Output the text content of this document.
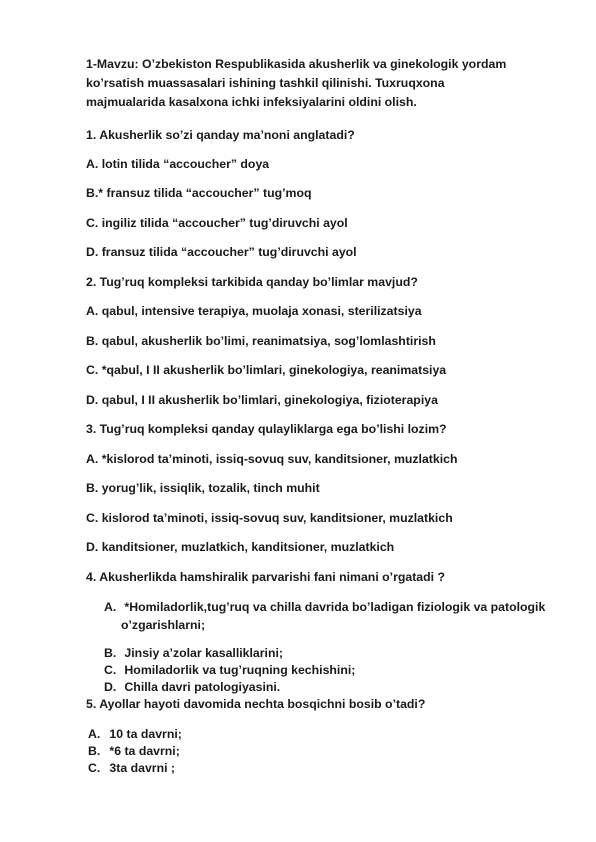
1-Mavzu: O’zbekiston Respublikasida akusherlik va ginekologik yordam ko’rsatish muassasalari ishining tashkil qilinishi. Tuxruqxona majmualarida kasalxona ichki infeksiyalarini oldini olish.
1. Akusherlik so’zi qanday ma’noni anglatadi?
A. lotin tilida “accoucher” doya
B.* fransuz tilida “accoucher” tug’moq
C. ingiliz tilida “accoucher” tug’diruvchi ayol
D. fransuz tilida “accoucher” tug’diruvchi ayol
2. Tug’ruq kompleksi tarkibida qanday bo’limlar mavjud?
A. qabul, intensive terapiya, muolaja xonasi, sterilizatsiya
B. qabul, akusherlik bo’limi, reanimatsiya, sog’lomlashtirish
C. *qabul, I II akusherlik bo’limlari, ginekologiya, reanimatsiya
D. qabul, I II akusherlik bo’limlari, ginekologiya, fizioterapiya
3. Tug’ruq kompleksi qanday qulayliklarga ega bo’lishi lozim?
A. *kislorod ta’minoti, issiq-sovuq suv, kanditsioner, muzlatkich
B. yorug’lik, issiqlik, tozalik, tinch muhit
C. kislorod ta’minoti, issiq-sovuq suv, kanditsioner, muzlatkich
D. kanditsioner, muzlatkich, kanditsioner, muzlatkich
4. Akusherlikda hamshiralik parvarishi fani nimani o’rgatadi ?
A. *Homiladorlik,tug’ruq va chilla davrida bo’ladigan fiziologik va patologik
o’zgarishlarni;
B. Jinsiy a’zolar kasalliklarini;
C. Homiladorlik va tug’ruqning kechishini;
D. Chilla davri patologiyasini.
5. Ayollar hayoti davomida nechta bosqichni bosib o’tadi?
A. 10 ta davrni;
B. *6 ta davrni;
C. 3ta davrni ;
